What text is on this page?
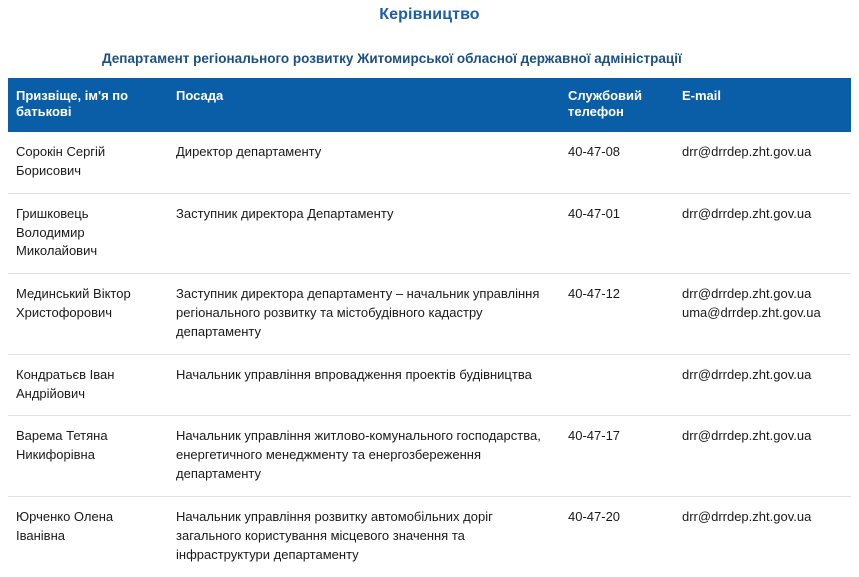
Керівництво
Департамент регіонального розвитку Житомирської обласної державної адміністрації
Призвіще, ім'я по батькові	Посада	Службовий телефон	E-mail
Сорокін Сергій Борисович	Директор департаменту	40-47-08	drr@drrdep.zht.gov.ua

Гришковець Володимир Миколайович	Заступник директора Департаменту	40-47-01	drr@drrdep.zht.gov.ua

Мединський Віктор Христофорович	Заступник директора департаменту – начальник управління регіонального розвитку та містобудівного кадастру департаменту	40-47-12	drr@drrdep.zht.gov.ua
uma@drrdep.zht.gov.ua

Кондратьєв Іван Андрійович	Начальник управління впровадження проектів будівництва		drr@drrdep.zht.gov.ua

Варема Тетяна Никифорівна	Начальник управління житлово-комунального господарства, енергетичного менеджменту та енергозбереження департаменту	40-47-17	drr@drrdep.zht.gov.ua

Юрченко Олена Іванівна	Начальник управління розвитку автомобільних доріг загального користування місцевого значення та інфраструктури департаменту	40-47-20	drr@drrdep.zht.gov.ua
